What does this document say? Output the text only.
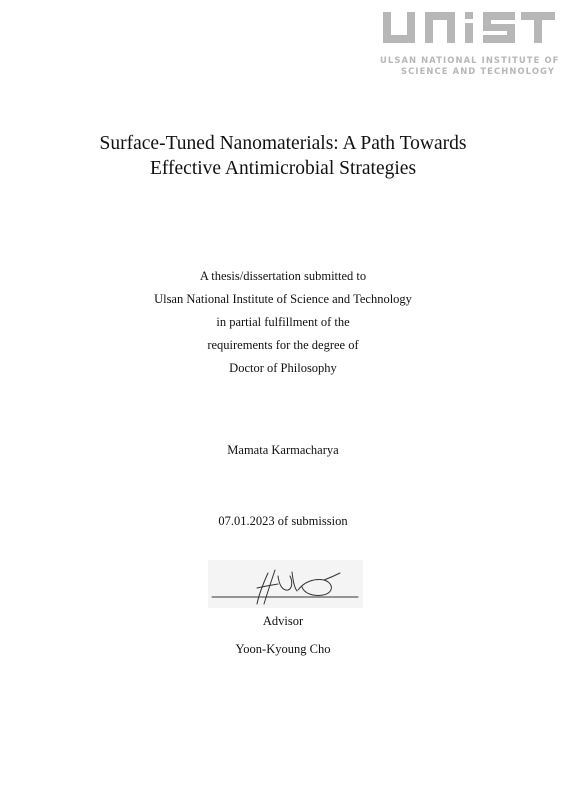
ULSAN NATIONAL INSTITUTE OF
SCIENCE AND TECHNOLOGY
Surface-Tuned Nanomaterials: A Path Towards
Effective Antimicrobial Strategies
A thesis/dissertation submitted to
Ulsan National Institute of Science and Technology
in partial fulfillment of the
requirements for the degree of
Doctor of Philosophy
Mamata Karmacharya
07.01.2023 of submission
Advisor
Yoon-Kyoung Cho
